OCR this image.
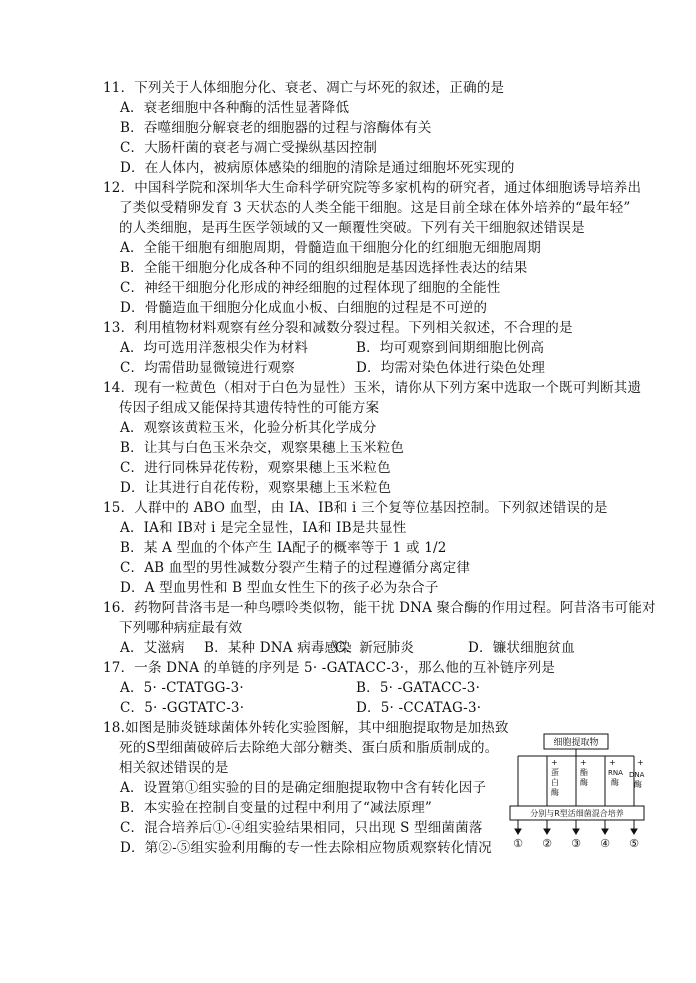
11．下列关于人体细胞分化、衰老、凋亡与坏死的叙述，正确的是
A．衰老细胞中各种酶的活性显著降低
B．吞噬细胞分解衰老的细胞器的过程与溶酶体有关
C．大肠杆菌的衰老与凋亡受操纵基因控制
D．在人体内，被病原体感染的细胞的清除是通过细胞坏死实现的
12．中国科学院和深圳华大生命科学研究院等多家机构的研究者，通过体细胞诱导培养出
了类似受精卵发育 3 天状态的人类全能干细胞。这是目前全球在体外培养的“最年轻”
的人类细胞，是再生医学领域的又一颠覆性突破。下列有关干细胞叙述错误是
A．全能干细胞有细胞周期，骨髓造血干细胞分化的红细胞无细胞周期
B．全能干细胞分化成各种不同的组织细胞是基因选择性表达的结果
C．神经干细胞分化形成的神经细胞的过程体现了细胞的全能性
D．骨髓造血干细胞分化成血小板、白细胞的过程是不可逆的
13．利用植物材料观察有丝分裂和减数分裂过程。下列相关叙述，不合理的是
A．均可选用洋葱根尖作为材料	B．均可观察到间期细胞比例高
C．均需借助显微镜进行观察	D．均需对染色体进行染色处理
14．现有一粒黄色（相对于白色为显性）玉米，请你从下列方案中选取一个既可判断其遗
传因子组成又能保持其遗传特性的可能方案
A．观察该黄粒玉米，化验分析其化学成分
B．让其与白色玉米杂交，观察果穗上玉米粒色
C．进行同株异花传粉，观察果穗上玉米粒色
D．让其进行自花传粉，观察果穗上玉米粒色
15．人群中的 ABO 血型，由 IA、IB和 i 三个复等位基因控制。下列叙述错误的是
A．IA和 IB对 i 是完全显性，IA和 IB是共显性
B．某 A 型血的个体产生 IA配子的概率等于 1 或 1/2
C．AB 血型的男性减数分裂产生精子的过程遵循分离定律
D．A 型血男性和 B 型血女性生下的孩子必为杂合子
16．药物阿昔洛韦是一种鸟嘌呤类似物，能干扰 DNA 聚合酶的作用过程。阿昔洛韦可能对
下列哪种病症最有效
A．艾滋病 B．某种 DNA 病毒感染
C．新冠肺炎	D．镰状细胞贫血
17．一条 DNA 的单链的序列是 5· -GATACC-3·，那么他的互补链序列是
A．5· -CTATGG-3·	B．5· -GATACC-3·
C．5· -GGTATC-3·	D．5· -CCATAG-3·
18.如图是肺炎链球菌体外转化实验图解，其中细胞提取物是加热致
死的S型细菌破碎后去除绝大部分糖类、蛋白质和脂质制成的。
相关叙述错误的是
A．设置第①组实验的目的是确定细胞提取物中含有转化因子
B．本实验在控制自变量的过程中利用了“减法原理”
C．混合培养后①-④组实验结果相同，只出现 S 型细菌菌落
D．第②-⑤组实验利用酶的专一性去除相应物质观察转化情况
细胞提取物
+
蛋
白
酶
+
酯
酶
+
RNA
酶
+
DNA
酶
分别与R型活细菌混合培养
① ② ③ ④ ⑤
